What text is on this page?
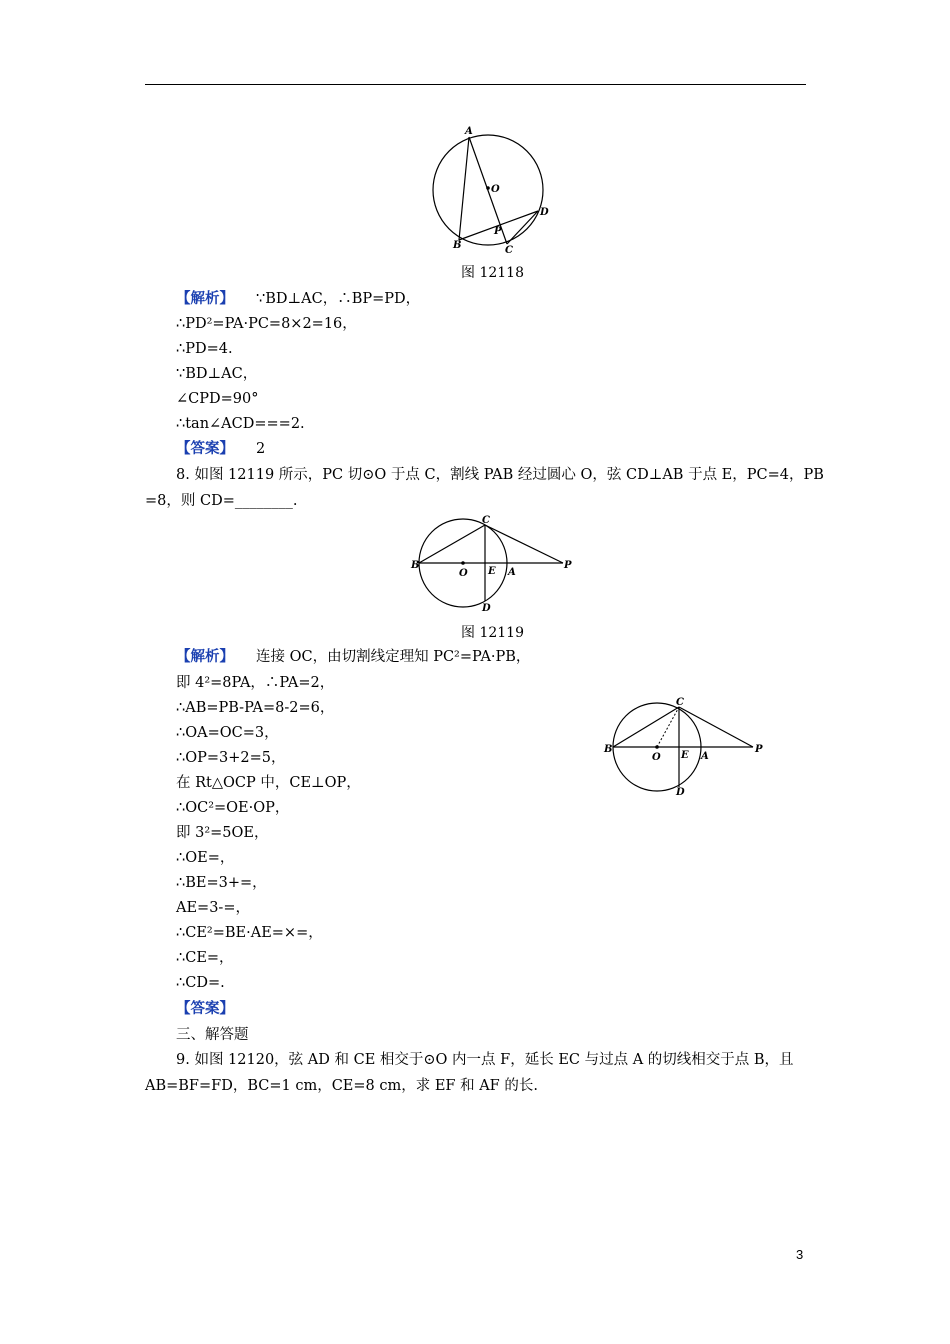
A
O
D
P
B	C
图 12118
【解析】 ∵BD⊥AC，∴BP=PD，
∴PD²=PA·PC=8×2=16，
∴PD=4.
∵BD⊥AC，
∠CPD=90°
∴tan∠ACD===2.
【答案】 2
8. 如图 12119 所示，PC 切⊙O 于点 C，割线 PAB 经过圆心 O，弦 CD⊥AB 于点 E，PC=4，PB
=8，则 CD=________.
C
B
O E A
P
D
图 12119
【解析】 连接 OC，由切割线定理知 PC²=PA·PB，
即 4²=8PA，∴PA=2，
∴AB=PB-PA=8-2=6，
∴OA=OC=3，
∴OP=3+2=5，
在 Rt△OCP 中，CE⊥OP，
∴OC²=OE·OP，
即 3²=5OE，
∴OE=，
∴BE=3+=，
AE=3-=，
∴CE²=BE·AE=×=，
∴CE=，
∴CD=.
【答案】
C
B
O E A
P
D
三、解答题
9. 如图 12120，弦 AD 和 CE 相交于⊙O 内一点 F，延长 EC 与过点 A 的切线相交于点 B，且
AB=BF=FD，BC=1 cm，CE=8 cm，求 EF 和 AF 的长.
3
